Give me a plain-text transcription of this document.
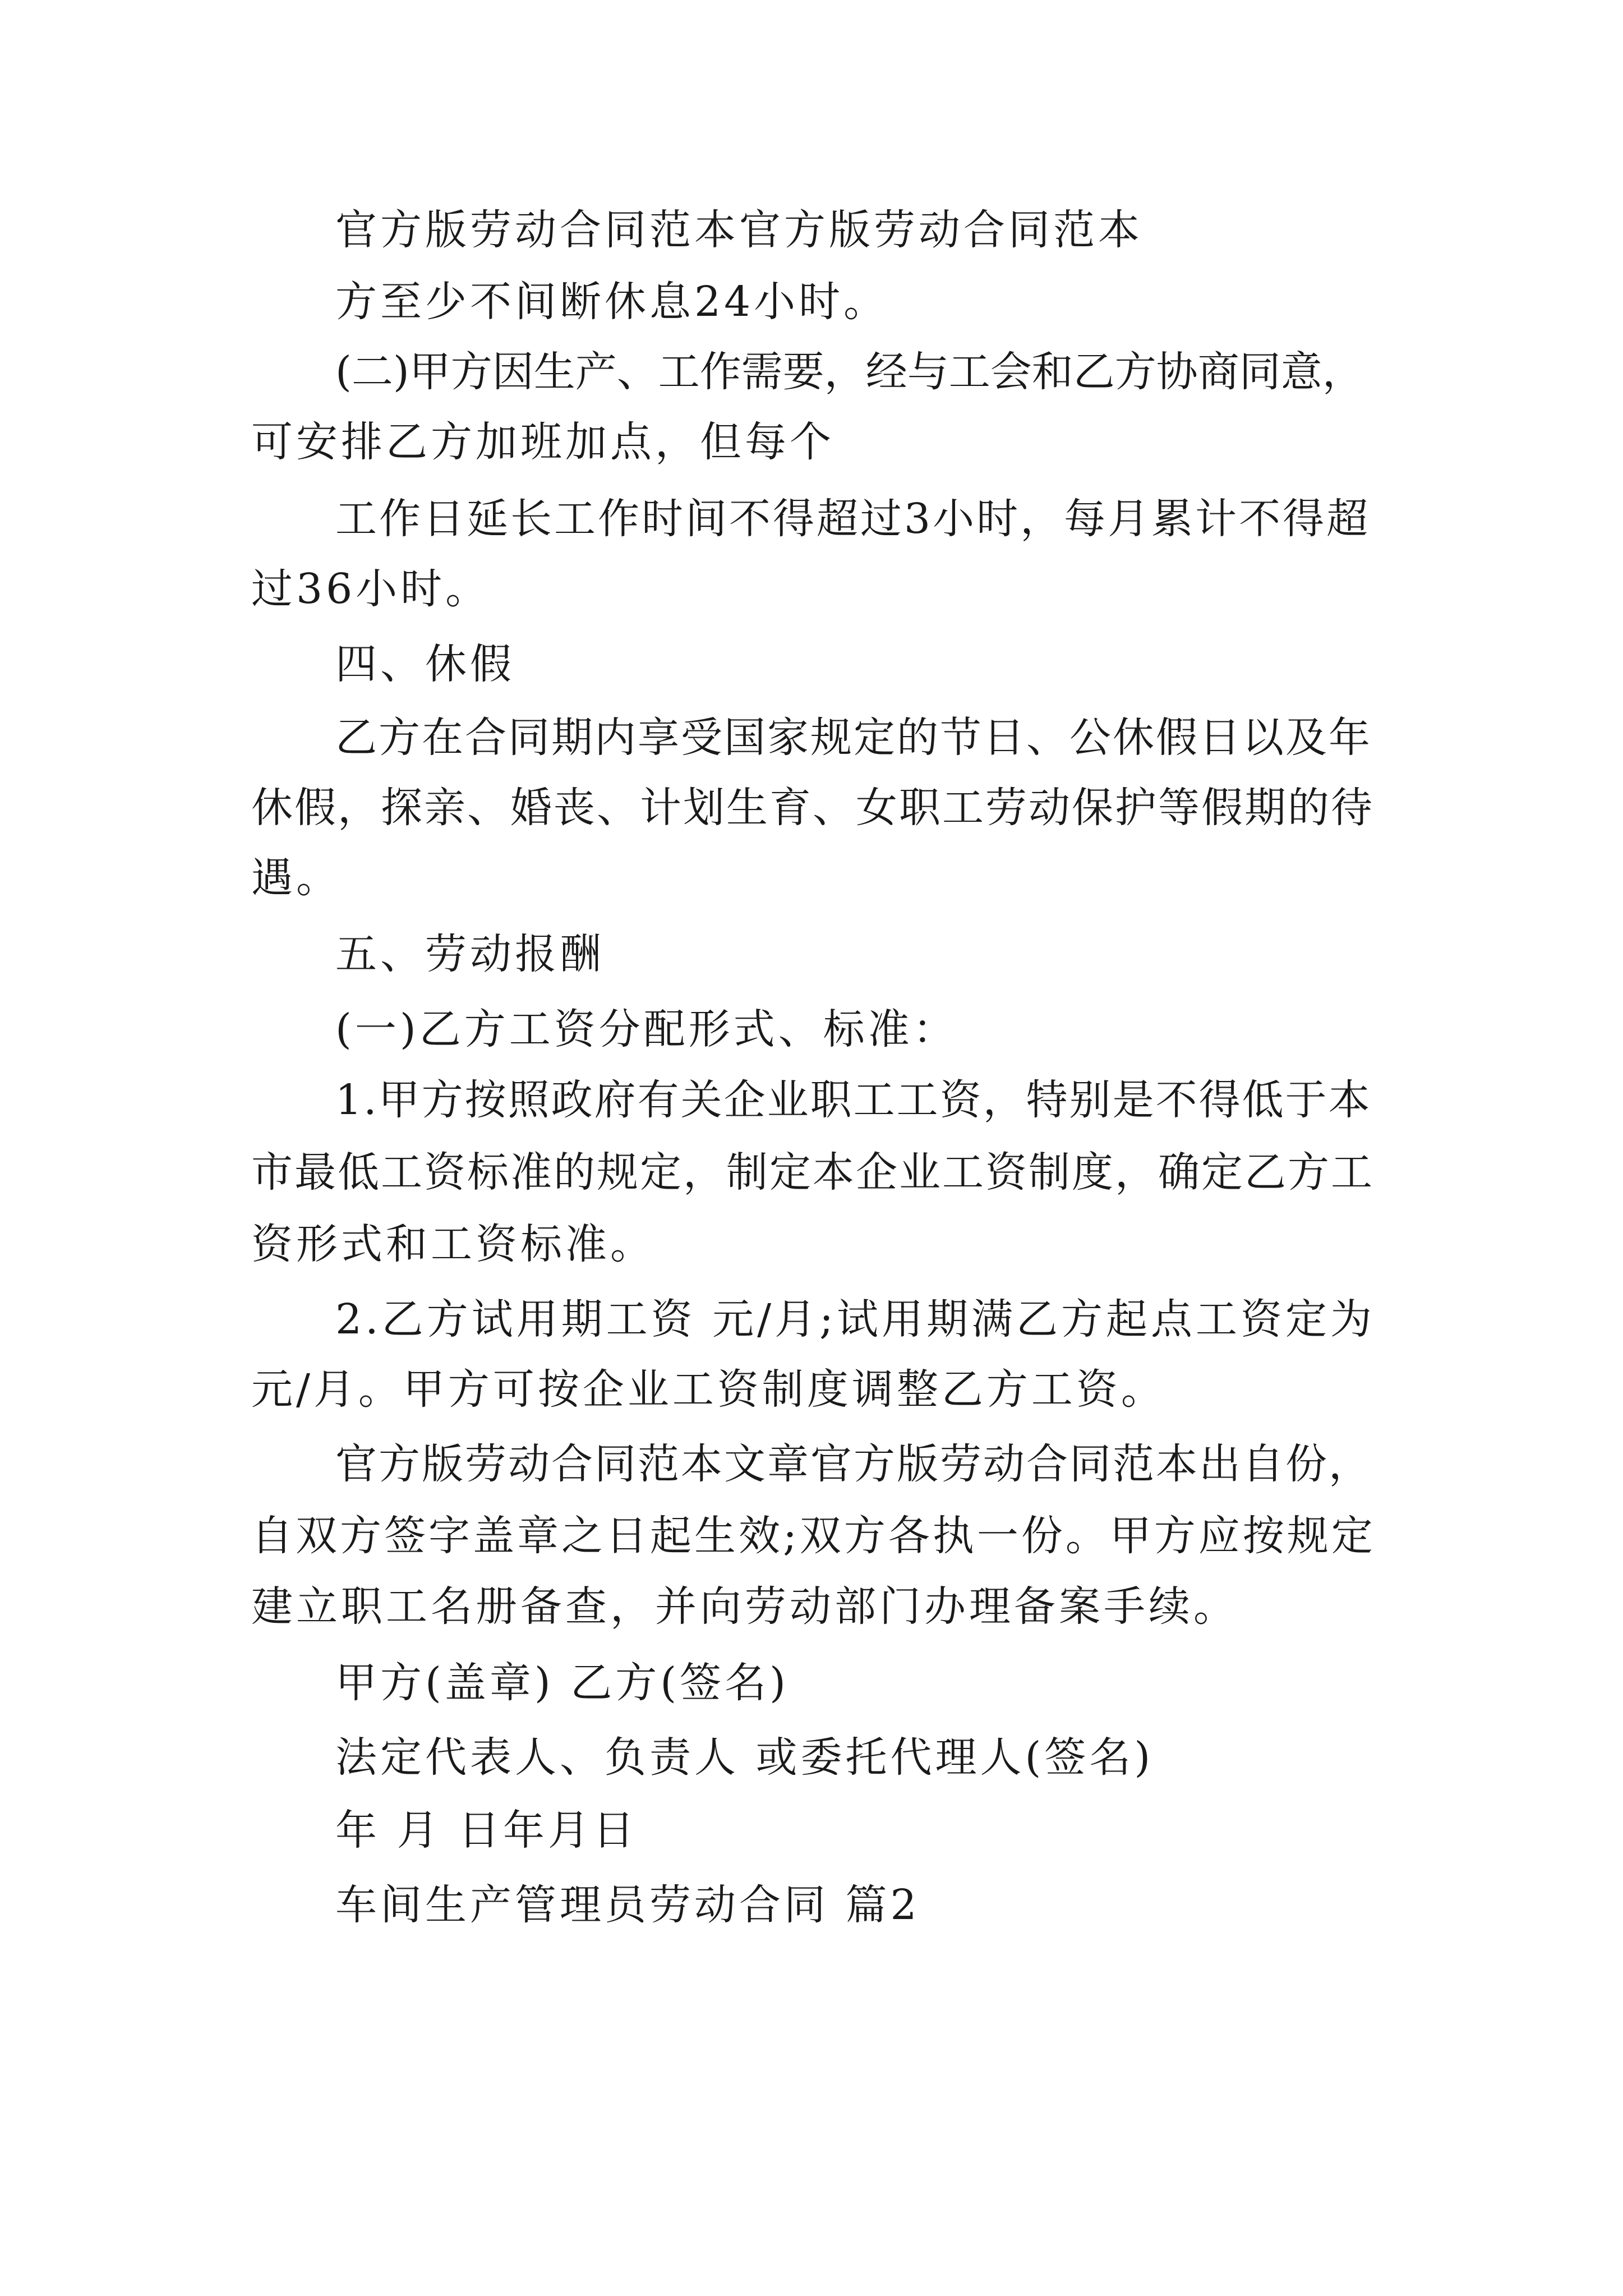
官方版劳动合同范本官方版劳动合同范本
方至少不间断休息24小时。
(二)甲方因生产、工作需要，经与工会和乙方协商同意，
可安排乙方加班加点，但每个
工作日延长工作时间不得超过3小时，每月累计不得超
过36小时。
四、休假
乙方在合同期内享受国家规定的节日、公休假日以及年
休假，探亲、婚丧、计划生育、女职工劳动保护等假期的待
遇。
五、劳动报酬
(一)乙方工资分配形式、标准：
1.甲方按照政府有关企业职工工资，特别是不得低于本
市最低工资标准的规定，制定本企业工资制度，确定乙方工
资形式和工资标准。
2.乙方试用期工资 元/月;试用期满乙方起点工资定为
元/月。甲方可按企业工资制度调整乙方工资。
官方版劳动合同范本文章官方版劳动合同范本出自份，
自双方签字盖章之日起生效;双方各执一份。甲方应按规定
建立职工名册备查，并向劳动部门办理备案手续。
甲方(盖章) 乙方(签名)
法定代表人、负责人 或委托代理人(签名)
年 月 日年月日
车间生产管理员劳动合同 篇2
